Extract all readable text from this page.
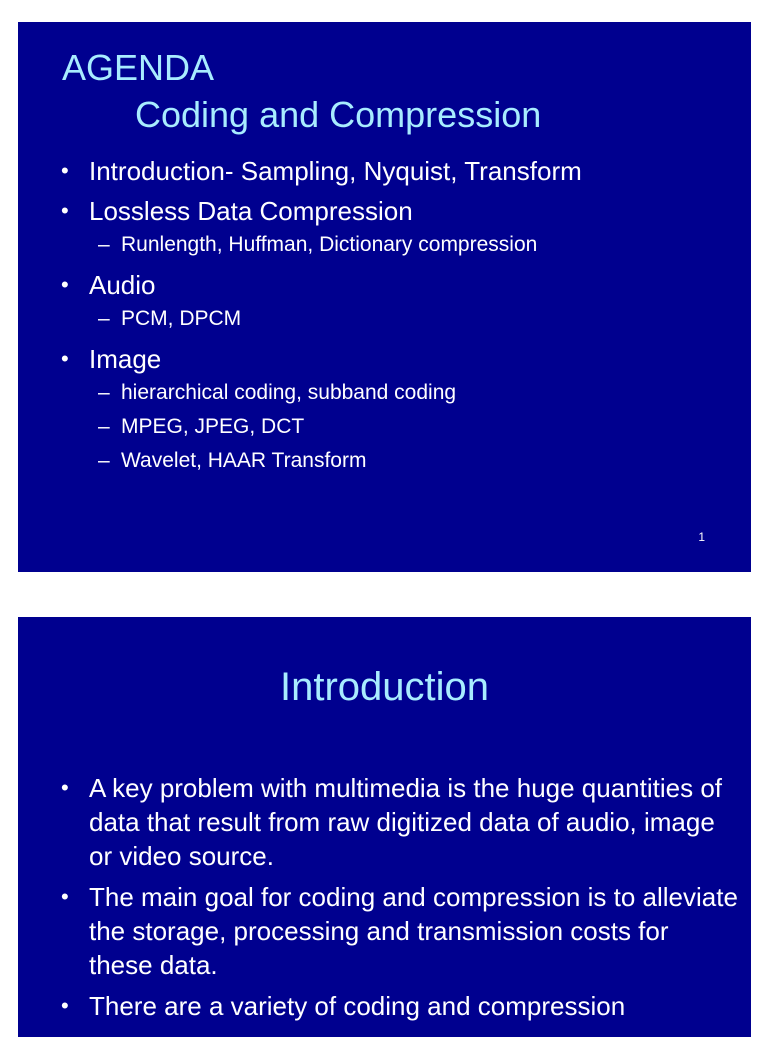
AGENDA
Coding and Compression
• Introduction- Sampling, Nyquist, Transform
• Lossless Data Compression
– Runlength, Huffman, Dictionary compression
• Audio
– PCM, DPCM
• Image
– hierarchical coding, subband coding
– MPEG, JPEG, DCT
– Wavelet, HAAR Transform
1
Introduction
• A key problem with multimedia is the huge quantities of data that result from raw digitized data of audio, image or video source.
• The main goal for coding and compression is to alleviate the storage, processing and transmission costs for these data.
• There are a variety of coding and compression
